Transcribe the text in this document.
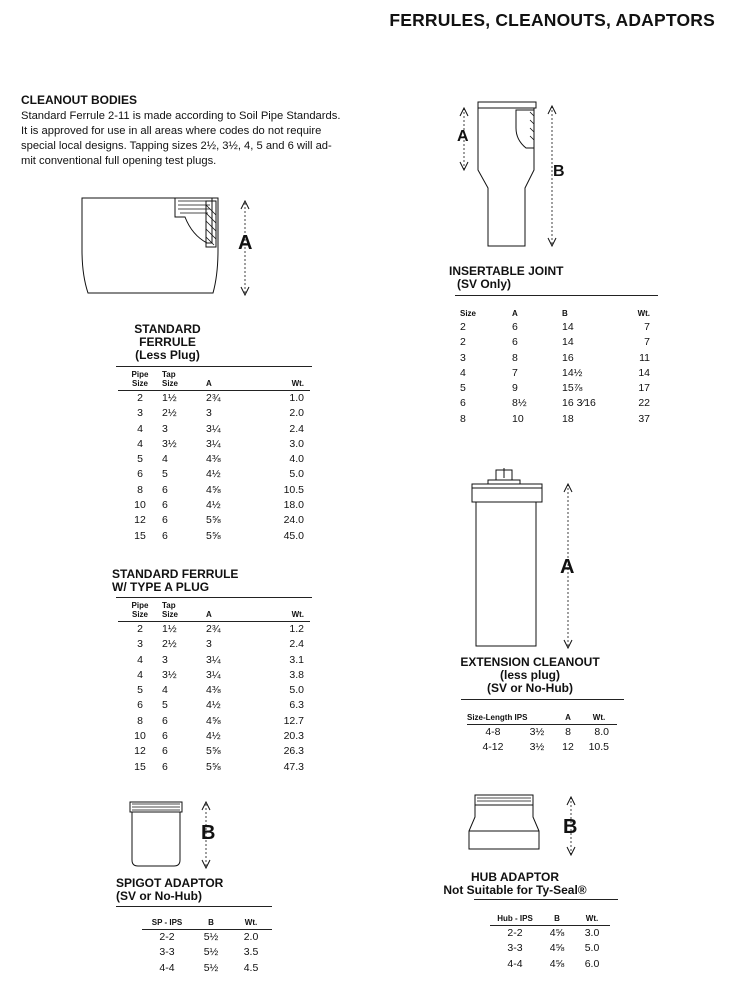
FERRULES, CLEANOUTS, ADAPTORS
CLEANOUT BODIES
Standard Ferrule 2-11 is made according to Soil Pipe Standards.
It is approved for use in all areas where codes do not require
special local designs. Tapping sizes 2½, 3½, 4, 5 and 6 will ad-
mit conventional full opening test plugs.
A
STANDARD
FERRULE
(Less Plug)
Pipe
Size	Tap
Size	A	Wt.
2	1½	2¾	1.0
3	2½	3	2.0
4	3	3¼	2.4
4	3½	3¼	3.0
5	4	4⅜	4.0
6	5	4½	5.0
8	6	4⅝	10.5
10	6	4½	18.0
12	6	5⅝	24.0
15	6	5⅝	45.0
STANDARD FERRULE
W/ TYPE A PLUG
Pipe
Size	Tap
Size	A	Wt.
2	1½	2¾	1.2
3	2½	3	2.4
4	3	3¼	3.1
4	3½	3¼	3.8
5	4	4⅜	5.0
6	5	4½	6.3
8	6	4⅝	12.7
10	6	4½	20.3
12	6	5⅝	26.3
15	6	5⅝	47.3
B
SPIGOT ADAPTOR
(SV or No-Hub)
SP - IPS	B	Wt.
2-2	5½	2.0
3-3	5½	3.5
4-4	5½	4.5
A
B
INSERTABLE JOINT
(SV Only)
Size	A	B	Wt.
2	6	14	7
2	6	14	7
3	8	16	11
4	7	14½	14
5	9	15⅞	17
6	8½	16 3⁄16	22
8	10	18	37
A
EXTENSION CLEANOUT
(less plug)
(SV or No-Hub)
Size-Length IPS		A	Wt.
4-8	3½	8	8.0
4-12	3½	12	10.5
B
HUB ADAPTOR
Not Suitable for Ty-Seal®
Hub - IPS	B	Wt.
2-2	4⅝	3.0
3-3	4⅝	5.0
4-4	4⅝	6.0
